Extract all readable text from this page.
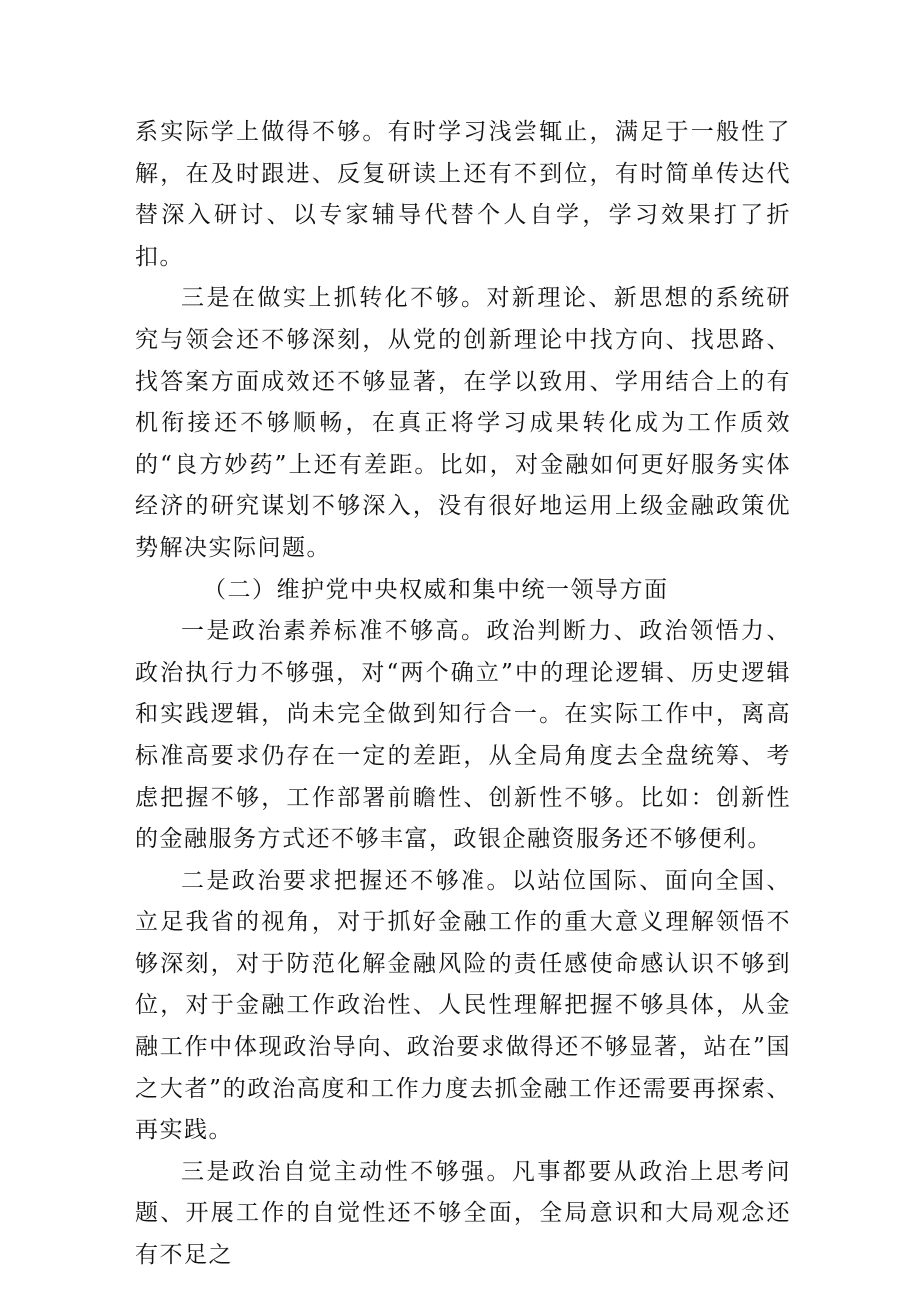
系实际学上做得不够。有时学习浅尝辄止，满足于一般性了解，在及时跟进、反复研读上还有不到位，有时简单传达代替深入研讨、以专家辅导代替个人自学，学习效果打了折扣。

三是在做实上抓转化不够。对新理论、新思想的系统研究与领会还不够深刻，从党的创新理论中找方向、找思路、找答案方面成效还不够显著，在学以致用、学用结合上的有机衔接还不够顺畅，在真正将学习成果转化成为工作质效的“良方妙药”上还有差距。比如，对金融如何更好服务实体经济的研究谋划不够深入，没有很好地运用上级金融政策优势解决实际问题。

（二）维护党中央权威和集中统一领导方面

一是政治素养标准不够高。政治判断力、政治领悟力、政治执行力不够强，对“两个确立”中的理论逻辑、历史逻辑和实践逻辑，尚未完全做到知行合一。在实际工作中，离高标准高要求仍存在一定的差距，从全局角度去全盘统筹、考虑把握不够，工作部署前瞻性、创新性不够。比如：创新性的金融服务方式还不够丰富，政银企融资服务还不够便利。

二是政治要求把握还不够准。以站位国际、面向全国、立足我省的视角，对于抓好金融工作的重大意义理解领悟不够深刻，对于防范化解金融风险的责任感使命感认识不够到位，对于金融工作政治性、人民性理解把握不够具体，从金融工作中体现政治导向、政治要求做得还不够显著，站在”国之大者”的政治高度和工作力度去抓金融工作还需要再探索、再实践。

三是政治自觉主动性不够强。凡事都要从政治上思考问题、开展工作的自觉性还不够全面，全局意识和大局观念还有不足之
